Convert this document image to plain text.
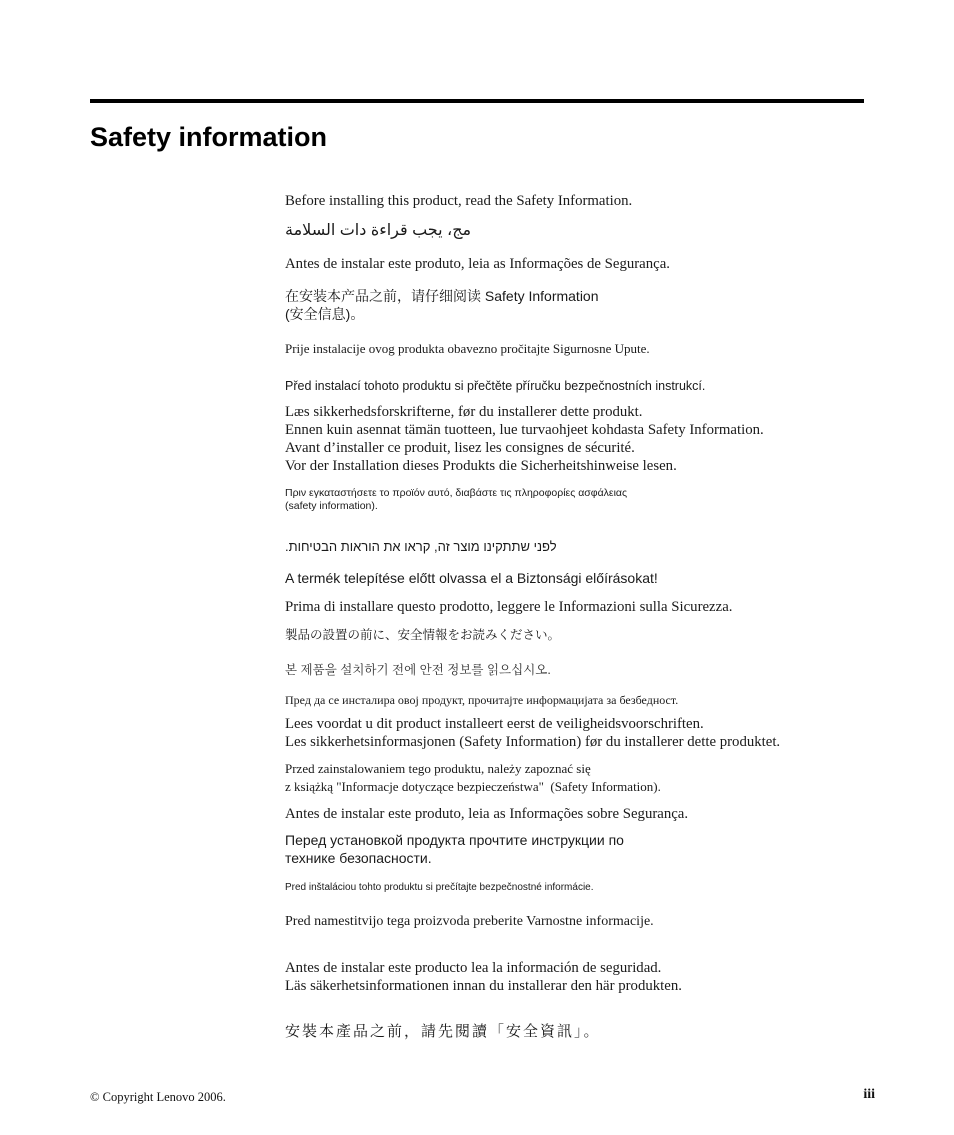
Safety information
Before installing this product, read the Safety Information.
مج، يجب قراءة دات السلامة
Antes de instalar este produto, leia as Informações de Segurança.
在安装本产品之前，请仔细阅读 Safety Information
(安全信息)。
Prije instalacije ovog produkta obavezno pročitajte Sigurnosne Upute.
Před instalací tohoto produktu si přečtěte příručku bezpečnostních instrukcí.
Læs sikkerhedsforskrifterne, før du installerer dette produkt.
Ennen kuin asennat tämän tuotteen, lue turvaohjeet kohdasta Safety Information.
Avant d’installer ce produit, lisez les consignes de sécurité.
Vor der Installation dieses Produkts die Sicherheitshinweise lesen.
Πριν εγκαταστήσετε το προϊόν αυτό, διαβάστε τις πληροφορίες ασφάλειας
(safety information).
לפני שתתקינו מוצר זה, קראו את הוראות הבטיחות.
A termék telepítése előtt olvassa el a Biztonsági előírásokat!
Prima di installare questo prodotto, leggere le Informazioni sulla Sicurezza.
製品の設置の前に、安全情報をお読みください。
본 제품을 설치하기 전에 안전 정보를 읽으십시오.
Пред да се инсталира овој продукт, прочитајте информацијата за безбедност.
Lees voordat u dit product installeert eerst de veiligheidsvoorschriften.
Les sikkerhetsinformasjonen (Safety Information) før du installerer dette produktet.
Przed zainstalowaniem tego produktu, należy zapoznać się
z książką "Informacje dotyczące bezpieczeństwa"  (Safety Information).
Antes de instalar este produto, leia as Informações sobre Segurança.
Перед установкой продукта прочтите инструкции по
технике безопасности.
Pred inštaláciou tohto produktu si prečítajte bezpečnostné informácie.
Pred namestitvijo tega proizvoda preberite Varnostne informacije.
Antes de instalar este producto lea la información de seguridad.
Läs säkerhetsinformationen innan du installerar den här produkten.
安裝本產品之前，請先閱讀「安全資訊」。
© Copyright Lenovo 2006.	iii
